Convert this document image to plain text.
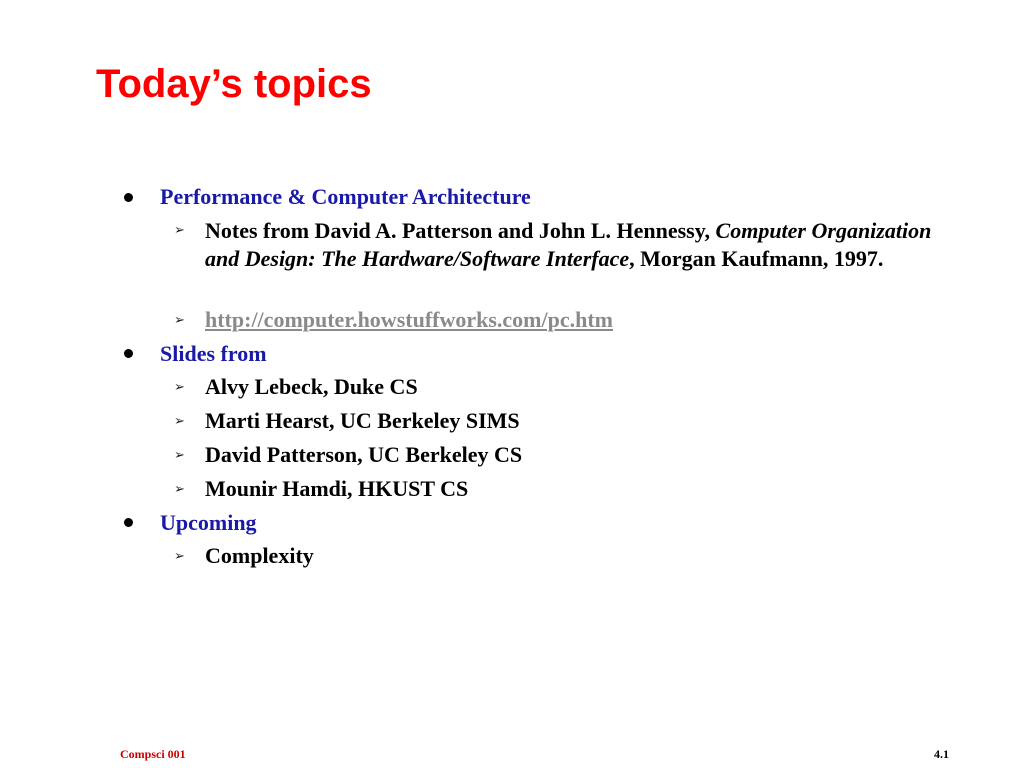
Today’s topics
Performance & Computer Architecture
➢ Notes from David A. Patterson and John L. Hennessy, Computer Organization and Design: The Hardware/Software Interface, Morgan Kaufmann, 1997.
➢ http://computer.howstuffworks.com/pc.htm
Slides from
➢ Alvy Lebeck, Duke CS
➢ Marti Hearst, UC Berkeley SIMS
➢ David Patterson, UC Berkeley CS
➢ Mounir Hamdi, HKUST CS
Upcoming
➢ Complexity
Compsci 001	4.1
